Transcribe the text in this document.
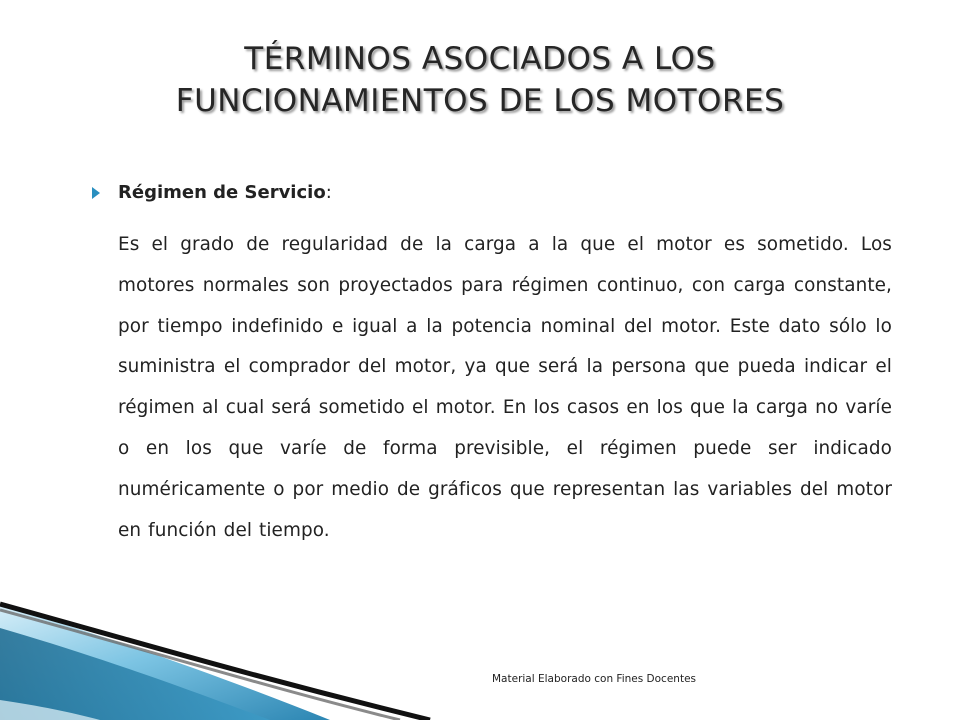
TÉRMINOS ASOCIADOS A LOS FUNCIONAMIENTOS DE LOS MOTORES
Régimen de Servicio:

Es el grado de regularidad de la carga a la que el motor es sometido. Los motores normales son proyectados para régimen continuo, con carga constante, por tiempo indefinido e igual a la potencia nominal del motor. Este dato sólo lo suministra el comprador del motor, ya que será la persona que pueda indicar el régimen al cual será sometido el motor. En los casos en los que la carga no varíe o en los que varíe de forma previsible, el régimen puede ser indicado numéricamente o por medio de gráficos que representan las variables del motor en función del tiempo.

Material Elaborado con Fines Docentes
